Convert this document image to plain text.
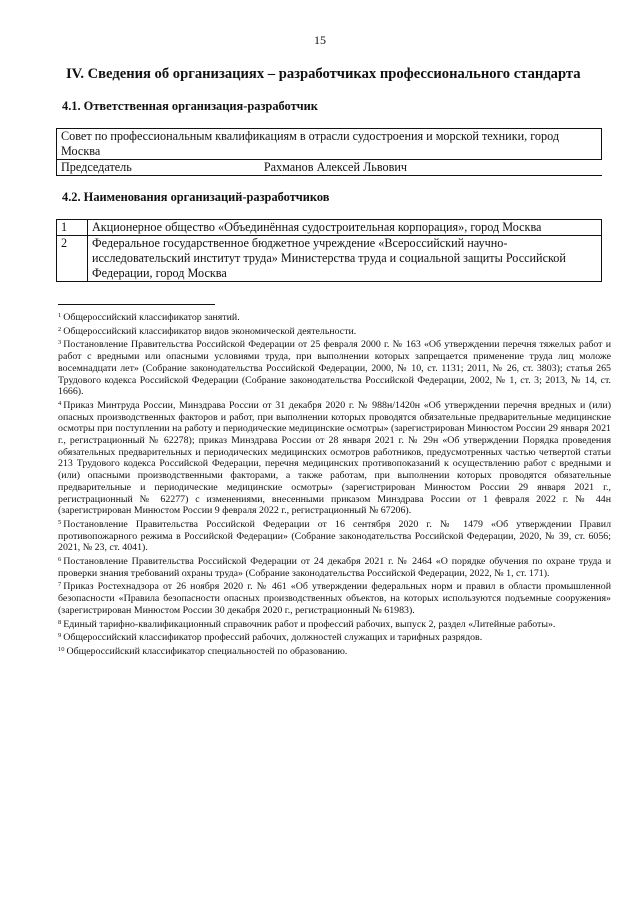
15
IV. Сведения об организациях – разработчиках профессионального стандарта
4.1. Ответственная организация-разработчик
Совет по профессиональным квалификациям в отрасли судостроения и морской техники, город Москва
Председатель	Рахманов Алексей Львович
4.2. Наименования организаций-разработчиков
1	Акционерное общество «Объединённая судостроительная корпорация», город Москва
2	Федеральное государственное бюджетное учреждение «Всероссийский научно-исследовательский институт труда» Министерства труда и социальной защиты Российской Федерации, город Москва

$^1$ Общероссийский классификатор занятий.

$^2$ Общероссийский классификатор видов экономической деятельности.

$^3$ Постановление Правительства Российской Федерации от 25 февраля 2000 г. № 163 «Об утверждении перечня тяжелых работ и работ с вредными или опасными условиями труда, при выполнении которых запрещается применение труда лиц моложе восемнадцати лет» (Собрание законодательства Российской Федерации, 2000, № 10, ст. 1131; 2011, № 26, ст. 3803); статья 265 Трудового кодекса Российской Федерации (Собрание законодательства Российской Федерации, 2002, № 1, ст. 3; 2013, № 14, ст. 1666).

$^4$ Приказ Минтруда России, Минздрава России от 31 декабря 2020 г. № 988н/1420н «Об утверждении перечня вредных и (или) опасных производственных факторов и работ, при выполнении которых проводятся обязательные предварительные медицинские осмотры при поступлении на работу и периодические медицинские осмотры» (зарегистрирован Минюстом России 29 января 2021 г., регистрационный № 62278); приказ Минздрава России от 28 января 2021 г. № 29н «Об утверждении Порядка проведения обязательных предварительных и периодических медицинских осмотров работников, предусмотренных частью четвертой статьи 213 Трудового кодекса Российской Федерации, перечня медицинских противопоказаний к осуществлению работ с вредными и (или) опасными производственными факторами, а также работам, при выполнении которых проводятся обязательные предварительные и периодические медицинские осмотры» (зарегистрирован Минюстом России 29 января 2021 г., регистрационный № 62277) с изменениями, внесенными приказом Минздрава России от 1 февраля 2022 г. № 44н (зарегистрирован Минюстом России 9 февраля 2022 г., регистрационный № 67206).

$^5$ Постановление Правительства Российской Федерации от 16 сентября 2020 г. № 1479 «Об утверждении Правил противопожарного режима в Российской Федерации» (Собрание законодательства Российской Федерации, 2020, № 39, ст. 6056; 2021, № 23, ст. 4041).

$^6$ Постановление Правительства Российской Федерации от 24 декабря 2021 г. № 2464 «О порядке обучения по охране труда и проверки знания требований охраны труда» (Собрание законодательства Российской Федерации, 2022, № 1, ст. 171).

$^7$ Приказ Ростехнадзора от 26 ноября 2020 г. № 461 «Об утверждении федеральных норм и правил в области промышленной безопасности «Правила безопасности опасных производственных объектов, на которых используются подъемные сооружения» (зарегистрирован Минюстом России 30 декабря 2020 г., регистрационный № 61983).

$^8$ Единый тарифно-квалификационный справочник работ и профессий рабочих, выпуск 2, раздел «Литейные работы».

$^9$ Общероссийский классификатор профессий рабочих, должностей служащих и тарифных разрядов.

$^{10}$ Общероссийский классификатор специальностей по образованию.
